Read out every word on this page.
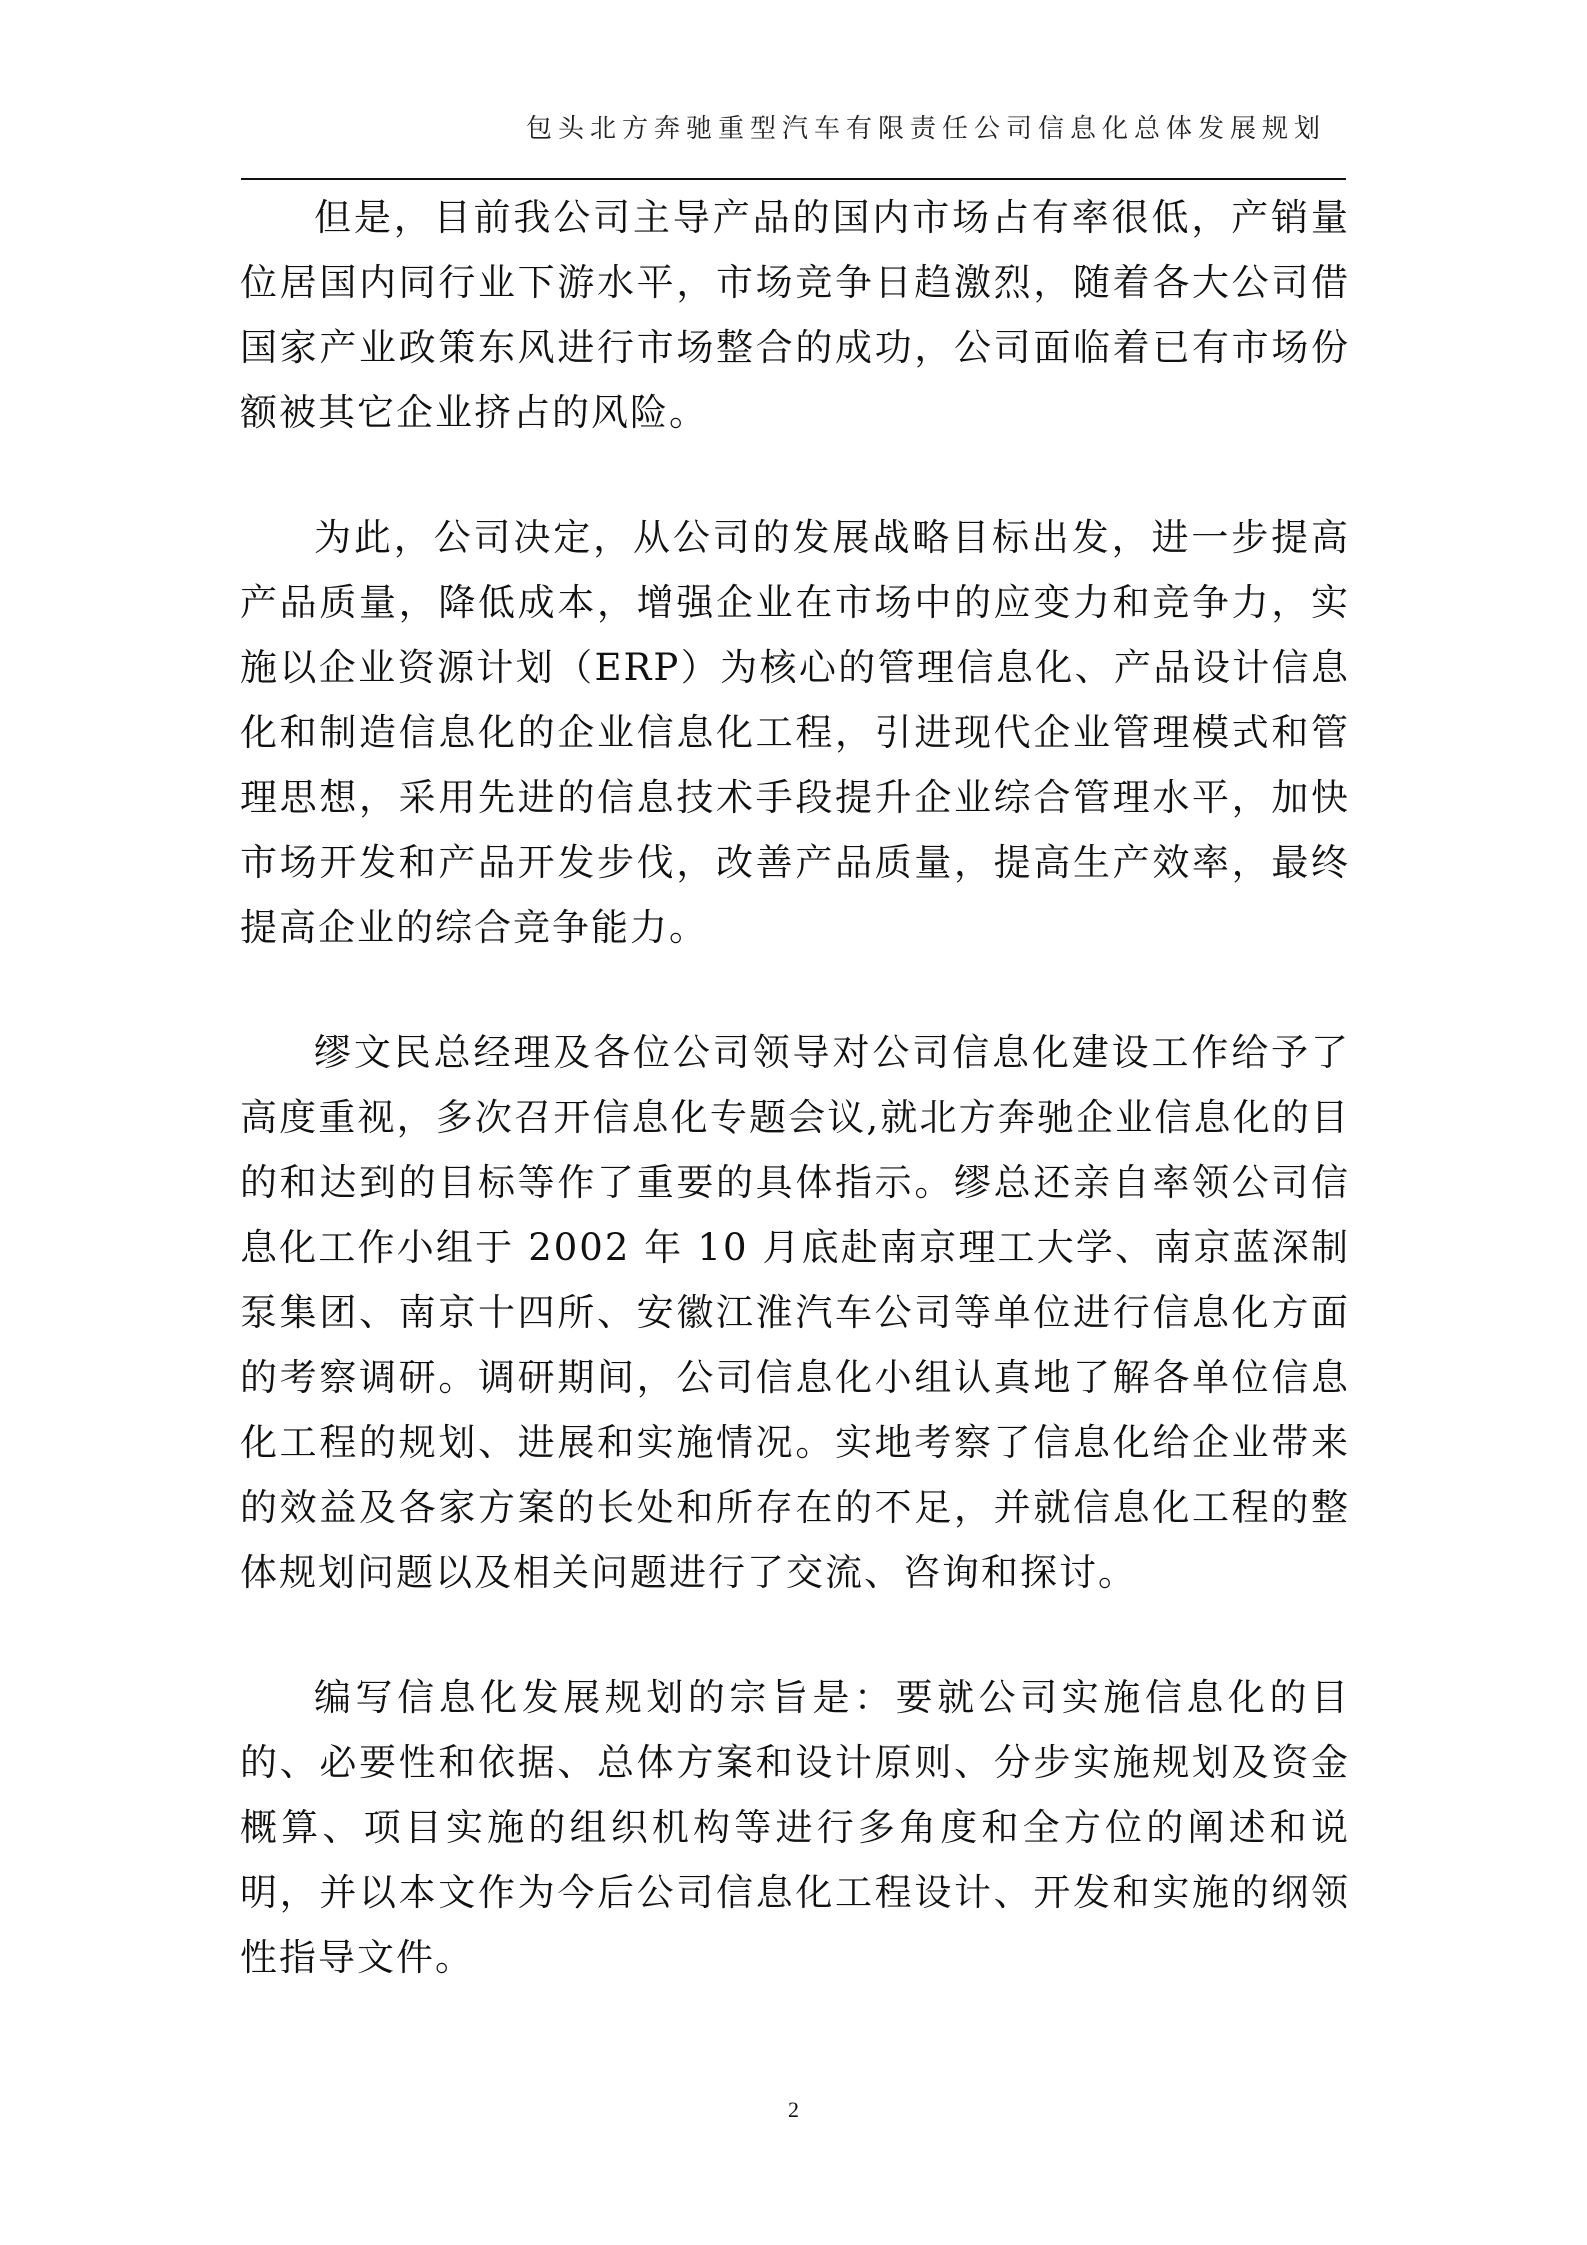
包头北方奔驰重型汽车有限责任公司信息化总体发展规划

但是，目前我公司主导产品的国内市场占有率很低，产销量位居国内同行业下游水平，市场竞争日趋激烈，随着各大公司借国家产业政策东风进行市场整合的成功，公司面临着已有市场份额被其它企业挤占的风险。

为此，公司决定，从公司的发展战略目标出发，进一步提高产品质量，降低成本，增强企业在市场中的应变力和竞争力，实施以企业资源计划（ERP）为核心的管理信息化、产品设计信息化和制造信息化的企业信息化工程，引进现代企业管理模式和管理思想，采用先进的信息技术手段提升企业综合管理水平，加快市场开发和产品开发步伐，改善产品质量，提高生产效率，最终提高企业的综合竞争能力。

缪文民总经理及各位公司领导对公司信息化建设工作给予了高度重视，多次召开信息化专题会议,就北方奔驰企业信息化的目的和达到的目标等作了重要的具体指示。缪总还亲自率领公司信息化工作小组于 2002 年 10 月底赴南京理工大学、南京蓝深制泵集团、南京十四所、安徽江淮汽车公司等单位进行信息化方面的考察调研。调研期间，公司信息化小组认真地了解各单位信息化工程的规划、进展和实施情况。实地考察了信息化给企业带来的效益及各家方案的长处和所存在的不足，并就信息化工程的整体规划问题以及相关问题进行了交流、咨询和探讨。

编写信息化发展规划的宗旨是：要就公司实施信息化的目的、必要性和依据、总体方案和设计原则、分步实施规划及资金概算、项目实施的组织机构等进行多角度和全方位的阐述和说明，并以本文作为今后公司信息化工程设计、开发和实施的纲领性指导文件。

2
